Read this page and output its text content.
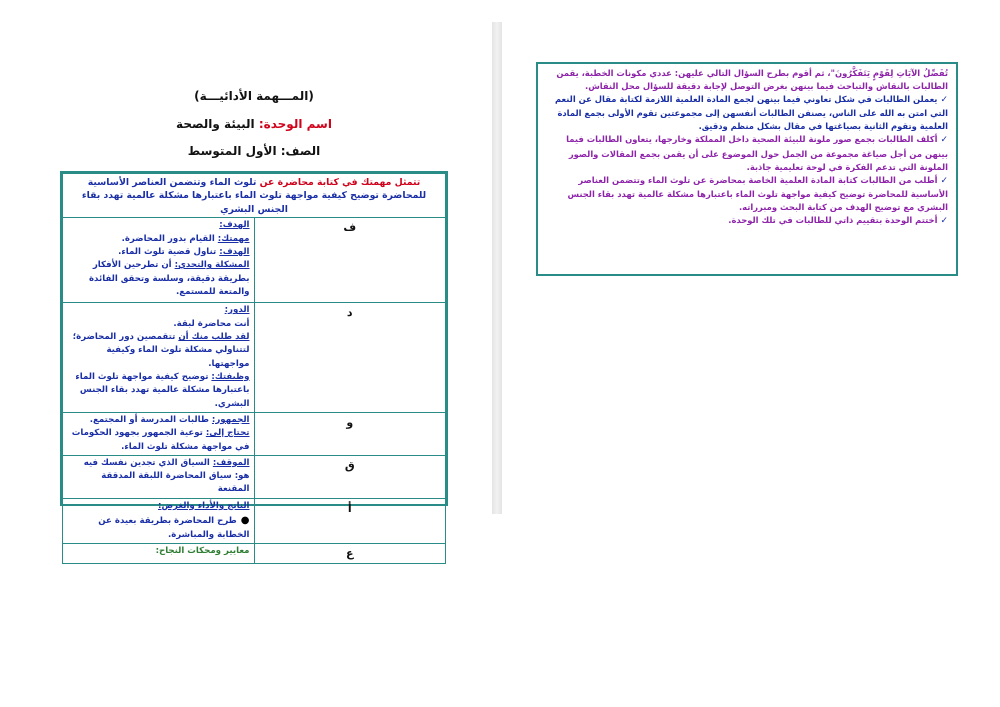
(المـــهمة الأدائيـــة)
اسم الوحدة: البيئة والصحة
الصف: الأول المتوسط
تتمثل مهمتك في كتابة محاضرة عن تلوث الماء وتتضمن العناصر الأساسية للمحاضرة توضيح كيفية مواجهة تلوث الماء باعتبارها مشكلة عالمية تهدد بقاء الجنس البشري	
ف	الهدف:
مهمتك: القيام بدور المحاضرة.
الهدف: تناول قضية تلوث الماء.
المشكلة والتحدي: أن تطرحين الأفكار بطريقة دقيقة، وسلسة وتحقق الفائدة والمتعة للمستمع.

د	الدور:
أنت محاضرة لبقة.
لقد طلب منك أن تتقمصين دور المحاضرة؛ لتتناولي مشكلة تلوث الماء وكيفية مواجهتها.
وظيفتك: توضيح كيفية مواجهة تلوث الماء باعتبارها مشكلة عالمية تهدد بقاء الجنس البشري.

و	الجمهور: طالبات المدرسة أو المجتمع.
تحتاج إلى: توعية الجمهور بجهود الحكومات في مواجهة مشكلة تلوث الماء.

ق	الموقف: السياق الذي تجدين نفسك فيه هو: سياق المحاضرة اللبقة المدققة المقنعة

أ	الناتج والأداء والغرض:
●طرح المحاضرة بطريقة بعيدة عن الخطابة والمباشرة.

ع	معايير ومحكات النجاح:

تُفَصِّلُ الآيَاتِ لِقَوْمٍ يَتَفَكَّرُونَ"، ثم أقوم بطرح السؤال التالي عليهن: عددي مكونات الخطبة، يقمن الطالبات بالنقاش والتباحث فيما بينهن بغرض التوصل لإجابة دقيقة للسؤال محل النقاش.

✓يعملن الطالبات في شكل تعاوني فيما بينهن لجمع المادة العلمية اللازمة لكتابة مقال عن النعم التي امتن به الله على الناس، يصنفن الطالبات أنفسهن إلى مجموعتين تقوم الأولى بجمع المادة العلمية وتقوم الثانية بصياغتها في مقال بشكل منظم ودقيق.

✓أكلف الطالبات بجمع صور ملونة للبيئة الصحية داخل المملكة وخارجها، يتعاون الطالبات فيما بينهن من أجل صياغة مجموعة من الجمل حول الموضوع على أن يقمن بجمع المقالات والصور الملونة التي تدعم الفكرة في لوحة تعليمية جاذبة.

✓أطلب من الطالبات كتابة المادة العلمية الخاصة بمحاضرة عن تلوث الماء وتتضمن العناصر الأساسية للمحاضرة توضيح كيفية مواجهة تلوث الماء باعتبارها مشكلة عالمية تهدد بقاء الجنس البشري مع توضيح الهدف من كتابة البحث ومبرراته.

✓أختتم الوحدة بتقييم ذاتي للطالبات في تلك الوحدة.
